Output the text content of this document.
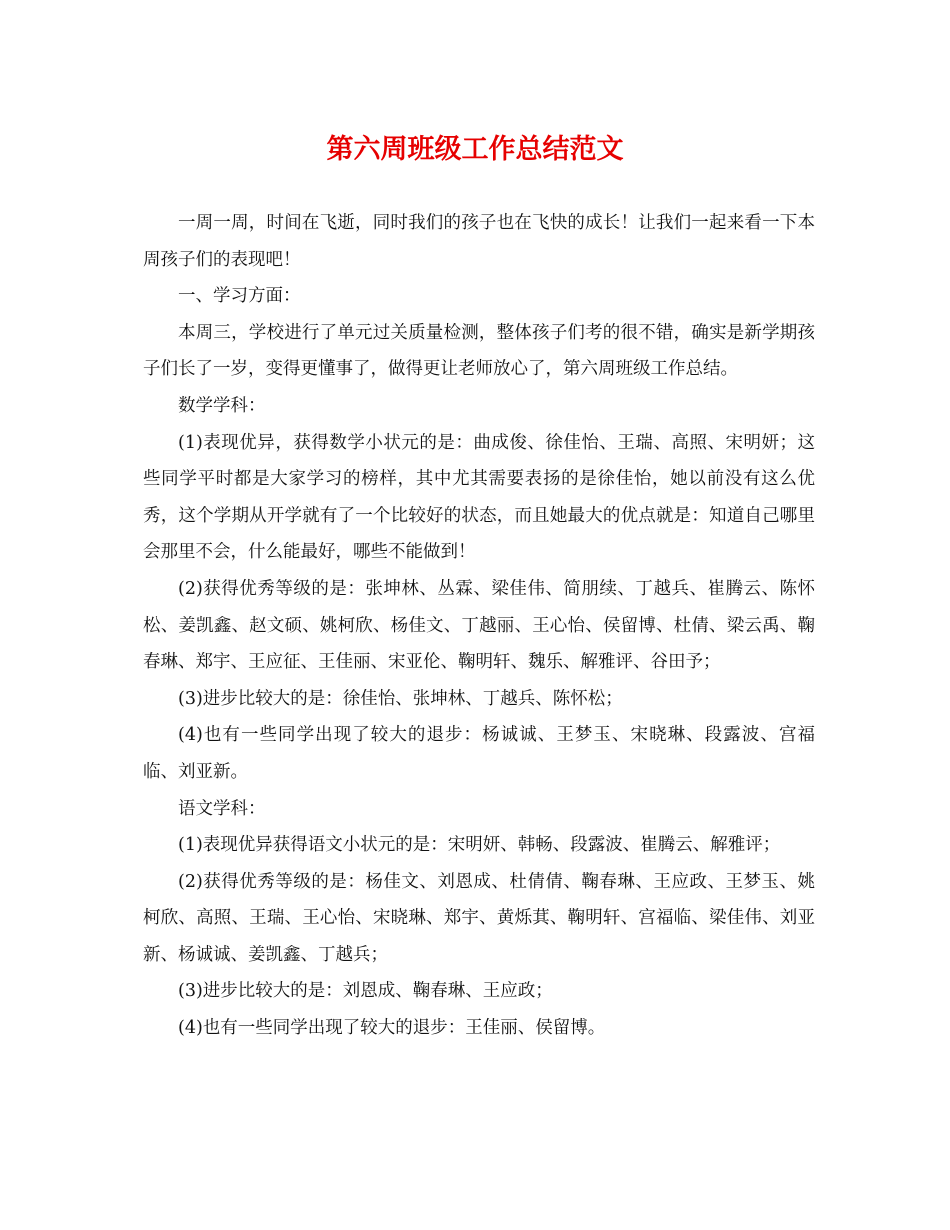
第六周班级工作总结范文

一周一周，时间在飞逝，同时我们的孩子也在飞快的成长！让我们一起来看一下本周孩子们的表现吧！

一、学习方面：

本周三，学校进行了单元过关质量检测，整体孩子们考的很不错，确实是新学期孩子们长了一岁，变得更懂事了，做得更让老师放心了，第六周班级工作总结。

数学学科：

(1)表现优异，获得数学小状元的是：曲成俊、徐佳怡、王瑞、高照、宋明妍；这些同学平时都是大家学习的榜样，其中尤其需要表扬的是徐佳怡，她以前没有这么优秀，这个学期从开学就有了一个比较好的状态，而且她最大的优点就是：知道自己哪里会那里不会，什么能最好，哪些不能做到！

(2)获得优秀等级的是：张坤林、丛霖、梁佳伟、简朋续、丁越兵、崔腾云、陈怀松、姜凯鑫、赵文硕、姚柯欣、杨佳文、丁越丽、王心怡、侯留博、杜倩、梁云禹、鞠春琳、郑宇、王应征、王佳丽、宋亚伦、鞠明轩、魏乐、解雅评、谷田予；

(3)进步比较大的是：徐佳怡、张坤林、丁越兵、陈怀松；

(4)也有一些同学出现了较大的退步：杨诚诚、王梦玉、宋晓琳、段露波、宫福临、刘亚新。

语文学科：

(1)表现优异获得语文小状元的是：宋明妍、韩畅、段露波、崔腾云、解雅评；

(2)获得优秀等级的是：杨佳文、刘恩成、杜倩倩、鞠春琳、王应政、王梦玉、姚柯欣、高照、王瑞、王心怡、宋晓琳、郑宇、黄烁萁、鞠明轩、宫福临、梁佳伟、刘亚新、杨诚诚、姜凯鑫、丁越兵；

(3)进步比较大的是：刘恩成、鞠春琳、王应政；

(4)也有一些同学出现了较大的退步：王佳丽、侯留博。
